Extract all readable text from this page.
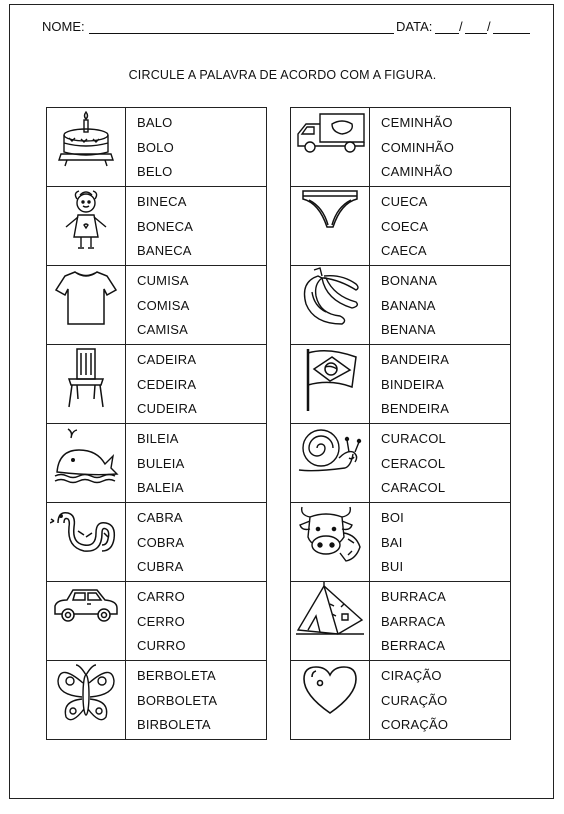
NOME:	DATA: / /
CIRCULE A PALAVRA DE ACORDO COM A FIGURA.

BALO
BOLO
BELO

BINECA
BONECA
BANECA

CUMISA
COMISA
CAMISA

CADEIRA
CEDEIRA
CUDEIRA

BILEIA
BULEIA
BALEIA

CABRA
COBRA
CUBRA

CARRO
CERRO
CURRO

BERBOLETA
BORBOLETA
BIRBOLETA

CEMINHÃO
COMINHÃO
CAMINHÃO

CUECA
COECA
CAECA

BONANA
BANANA
BENANA

BANDEIRA
BINDEIRA
BENDEIRA

CURACOL
CERACOL
CARACOL

BOI
BAI
BUI

BURRACA
BARRACA
BERRACA

CIRAÇÃO
CURAÇÃO
CORAÇÃO
